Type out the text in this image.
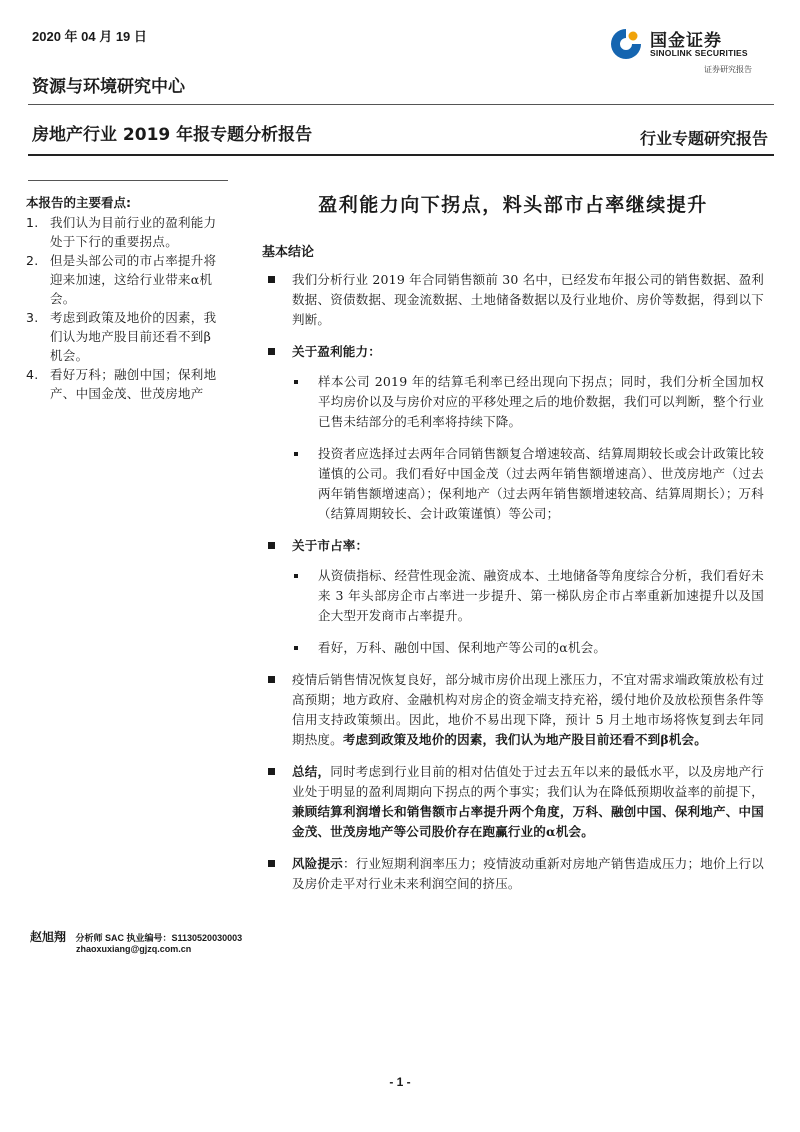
2020 年 04 月 19 日	国金证券
SINOLINK SECURITIES
证券研究报告
资源与环境研究中心
房地产行业 2019 年报专题分析报告	行业专题研究报告
本报告的主要看点:
1. 我们认为目前行业的盈利能力处于下行的重要拐点。
2. 但是头部公司的市占率提升将迎来加速，这给行业带来α机会。
3. 考虑到政策及地价的因素，我们认为地产股目前还看不到β机会。
4. 看好万科；融创中国；保利地产、中国金茂、世茂房地产
盈利能力向下拐点，料头部市占率继续提升
基本结论
我们分析行业 2019 年合同销售额前 30 名中，已经发布年报公司的销售数据、盈利数据、资债数据、现金流数据、土地储备数据以及行业地价、房价等数据，得到以下判断。
关于盈利能力：
样本公司 2019 年的结算毛利率已经出现向下拐点；同时，我们分析全国加权平均房价以及与房价对应的平移处理之后的地价数据，我们可以判断，整个行业已售未结部分的毛利率将持续下降。
投资者应选择过去两年合同销售额复合增速较高、结算周期较长或会计政策比较谨慎的公司。我们看好中国金茂（过去两年销售额增速高）、世茂房地产（过去两年销售额增速高）；保利地产（过去两年销售额增速较高、结算周期长）；万科（结算周期较长、会计政策谨慎）等公司；
关于市占率：
从资债指标、经营性现金流、融资成本、土地储备等角度综合分析，我们看好未来 3 年头部房企市占率进一步提升、第一梯队房企市占率重新加速提升以及国企大型开发商市占率提升。
看好，万科、融创中国、保利地产等公司的α机会。
疫情后销售情况恢复良好，部分城市房价出现上涨压力，不宜对需求端政策放松有过高预期；地方政府、金融机构对房企的资金端支持充裕，缓付地价及放松预售条件等信用支持政策频出。因此，地价不易出现下降，预计 5 月土地市场将恢复到去年同期热度。考虑到政策及地价的因素，我们认为地产股目前还看不到β机会。
总结，同时考虑到行业目前的相对估值处于过去五年以来的最低水平，以及房地产行业处于明显的盈利周期向下拐点的两个事实；我们认为在降低预期收益率的前提下，兼顾结算利润增长和销售额市占率提升两个角度，万科、融创中国、保利地产、中国金茂、世茂房地产等公司股价存在跑赢行业的α机会。
风险提示：行业短期利润率压力；疫情波动重新对房地产销售造成压力；地价上行以及房价走平对行业未来利润空间的挤压。
赵旭翔 分析师 SAC 执业编号：S1130520030003
zhaoxuxiang@gjzq.com.cn
- 1 -
